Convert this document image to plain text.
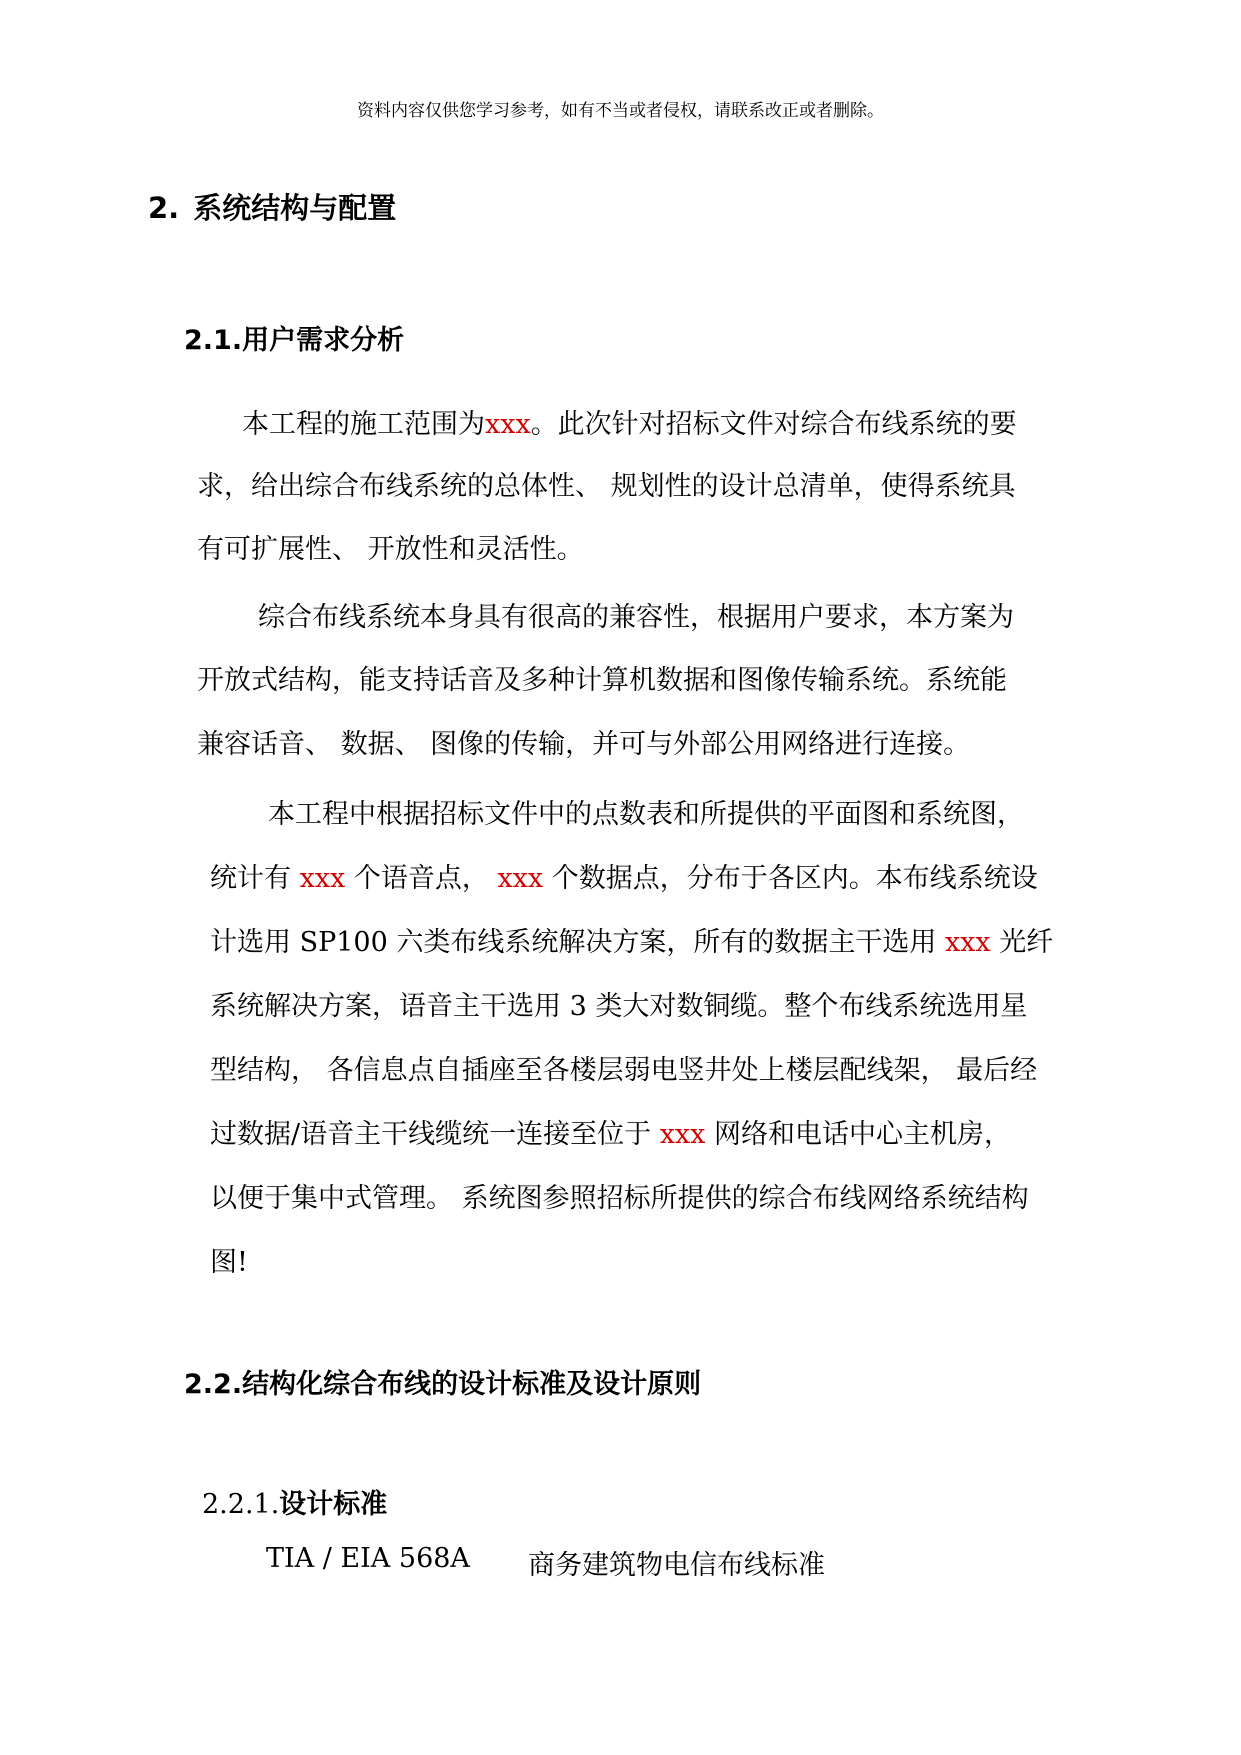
资料内容仅供您学习参考，如有不当或者侵权，请联系改正或者删除。
2. 系统结构与配置
2.1.用户需求分析
本工程的施工范围为xxx。此次针对招标文件对综合布线系统的要
求，给出综合布线系统的总体性、 规划性的设计总清单，使得系统具
有可扩展性、 开放性和灵活性。
综合布线系统本身具有很高的兼容性，根据用户要求，本方案为
开放式结构，能支持话音及多种计算机数据和图像传输系统。系统能
兼容话音、 数据、 图像的传输，并可与外部公用网络进行连接。
本工程中根据招标文件中的点数表和所提供的平面图和系统图，
统计有 xxx 个语音点， xxx 个数据点，分布于各区内。本布线系统设
计选用 SP100 六类布线系统解决方案，所有的数据主干选用 xxx 光纤
系统解决方案，语音主干选用 3 类大对数铜缆。整个布线系统选用星
型结构， 各信息点自插座至各楼层弱电竖井处上楼层配线架， 最后经
过数据/语音主干线缆统一连接至位于 xxx 网络和电话中心主机房，
以便于集中式管理。 系统图参照招标所提供的综合布线网络系统结构
图!
2.2.结构化综合布线的设计标准及设计原则
2.2.1.设计标准
TIA / EIA 568A 商务建筑物电信布线标准
